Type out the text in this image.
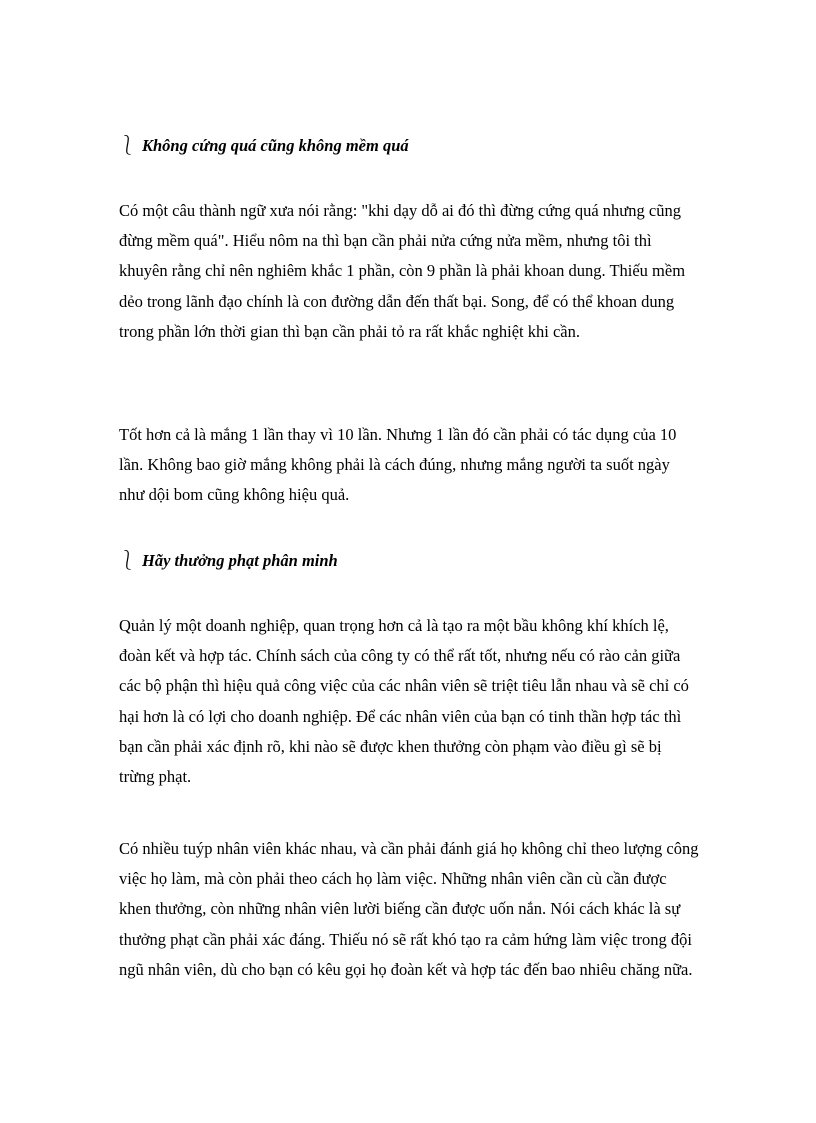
⎱ Không cứng quá cũng không mềm quá

Có một câu thành ngữ xưa nói rằng: "khi dạy dỗ ai đó thì đừng cứng quá nhưng cũng đừng mềm quá". Hiểu nôm na thì bạn cần phải nửa cứng nửa mềm, nhưng tôi thì khuyên rằng chỉ nên nghiêm khắc 1 phần, còn 9 phần là phải khoan dung. Thiếu mềm dẻo trong lãnh đạo chính là con đường dẫn đến thất bại. Song, để có thể khoan dung trong phần lớn thời gian thì bạn cần phải tỏ ra rất khắc nghiệt khi cần.

Tốt hơn cả là mắng 1 lần thay vì 10 lần. Nhưng 1 lần đó cần phải có tác dụng của 10 lần. Không bao giờ mắng không phải là cách đúng, nhưng mắng người ta suốt ngày như dội bom cũng không hiệu quả.

⎱ Hãy thưởng phạt phân minh

Quản lý một doanh nghiệp, quan trọng hơn cả là tạo ra một bầu không khí khích lệ, đoàn kết và hợp tác. Chính sách của công ty có thể rất tốt, nhưng nếu có rào cản giữa các bộ phận thì hiệu quả công việc của các nhân viên sẽ triệt tiêu lẫn nhau và sẽ chỉ có hại hơn là có lợi cho doanh nghiệp. Để các nhân viên của bạn có tinh thần hợp tác thì bạn cần phải xác định rõ, khi nào sẽ được khen thưởng còn phạm vào điều gì sẽ bị trừng phạt.

Có nhiều tuýp nhân viên khác nhau, và cần phải đánh giá họ không chỉ theo lượng công việc họ làm, mà còn phải theo cách họ làm việc. Những nhân viên cần cù cần được khen thưởng, còn những nhân viên lười biếng cần được uốn nắn. Nói cách khác là sự thưởng phạt cần phải xác đáng. Thiếu nó sẽ rất khó tạo ra cảm hứng làm việc trong đội ngũ nhân viên, dù cho bạn có kêu gọi họ đoàn kết và hợp tác đến bao nhiêu chăng nữa.
